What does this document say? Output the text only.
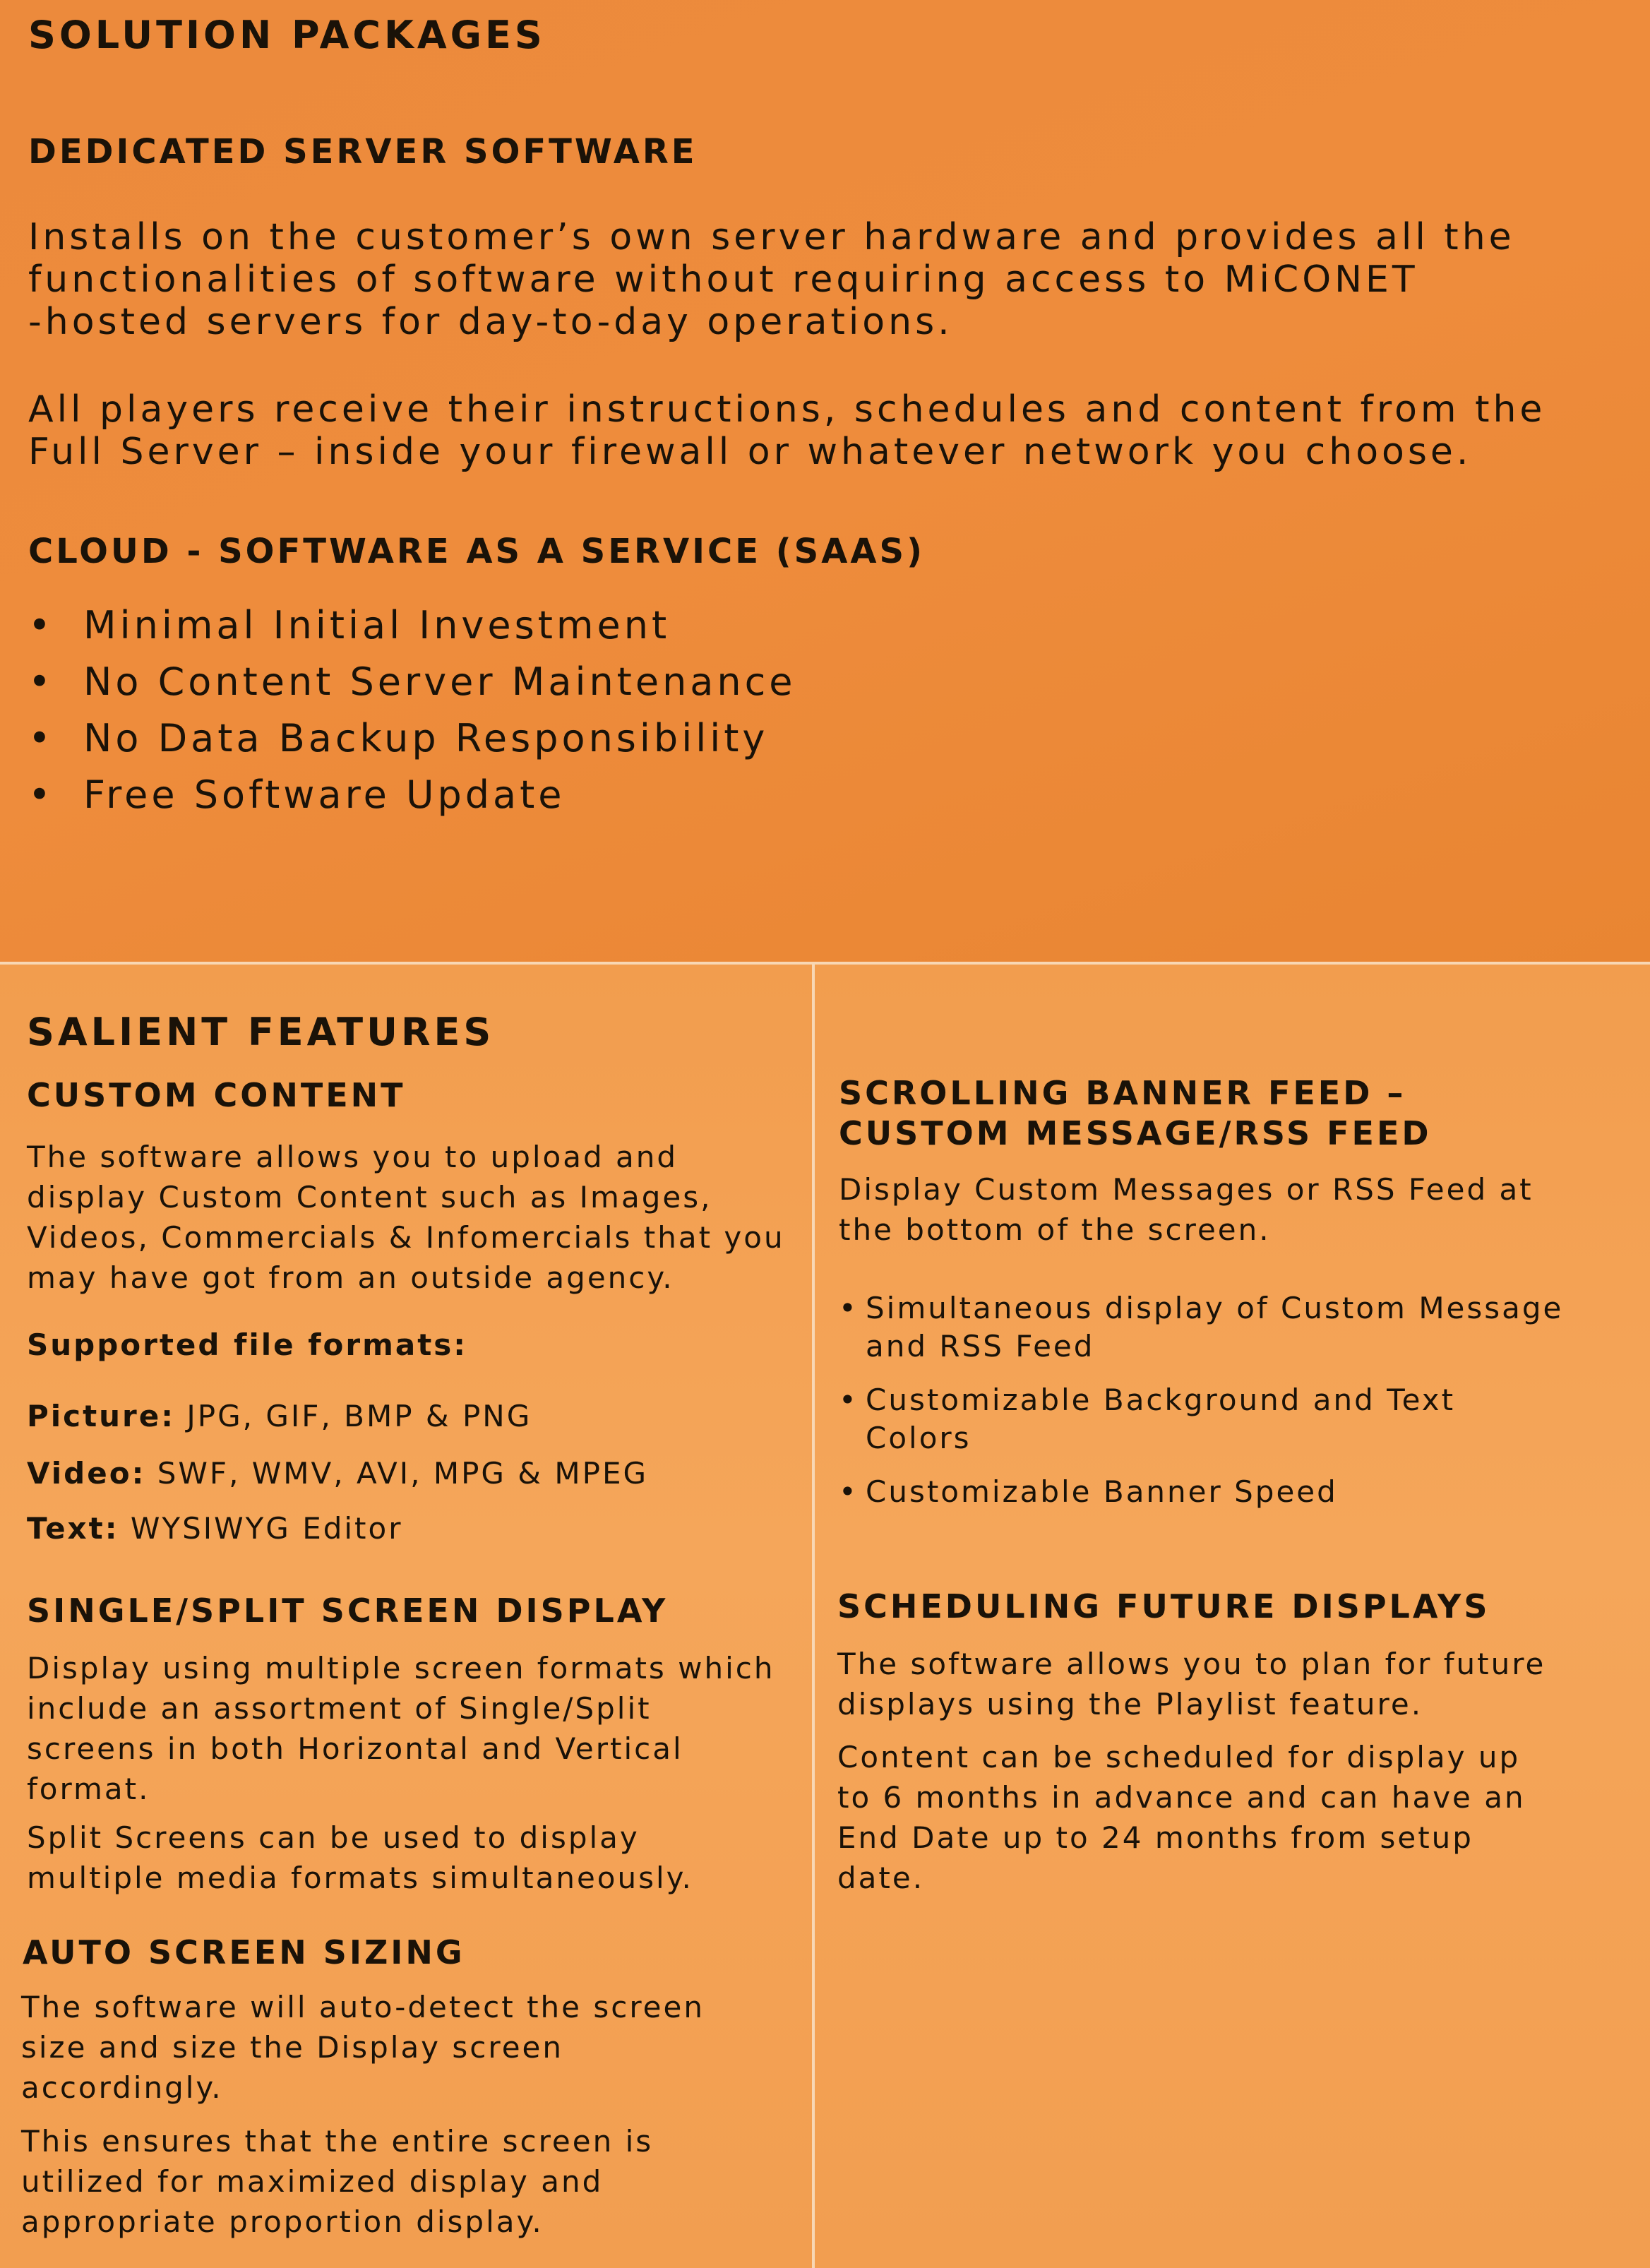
SOLUTION PACKAGES
DEDICATED SERVER SOFTWARE

Installs on the customer’s own server hardware and provides all the
functionalities of software without requiring access to MiCONET
-hosted servers for day-to-day operations.

All players receive their instructions, schedules and content from the
Full Server – inside your firewall or whatever network you choose.

CLOUD - SOFTWARE AS A SERVICE (SAAS)
• Minimal Initial Investment
• No Content Server Maintenance
• No Data Backup Responsibility
• Free Software Update
SALIENT FEATURES
CUSTOM CONTENT

The software allows you to upload and
display Custom Content such as Images,
Videos, Commercials & Infomercials that you
may have got from an outside agency.

Supported file formats:
Picture: JPG, GIF, BMP & PNG
Video: SWF, WMV, AVI, MPG & MPEG
Text: WYSIWYG Editor
SINGLE/SPLIT SCREEN DISPLAY

Display using multiple screen formats which
include an assortment of Single/Split
screens in both Horizontal and Vertical
format.

Split Screens can be used to display
multiple media formats simultaneously.

AUTO SCREEN SIZING

The software will auto-detect the screen
size and size the Display screen
accordingly.

This ensures that the entire screen is
utilized for maximized display and
appropriate proportion display.

SCROLLING BANNER FEED –
CUSTOM MESSAGE/RSS FEED

Display Custom Messages or RSS Feed at
the bottom of the screen.

• Simultaneous display of Custom Message
and RSS Feed
• Customizable Background and Text
Colors
• Customizable Banner Speed
SCHEDULING FUTURE DISPLAYS

The software allows you to plan for future
displays using the Playlist feature.

Content can be scheduled for display up
to 6 months in advance and can have an
End Date up to 24 months from setup
date.
